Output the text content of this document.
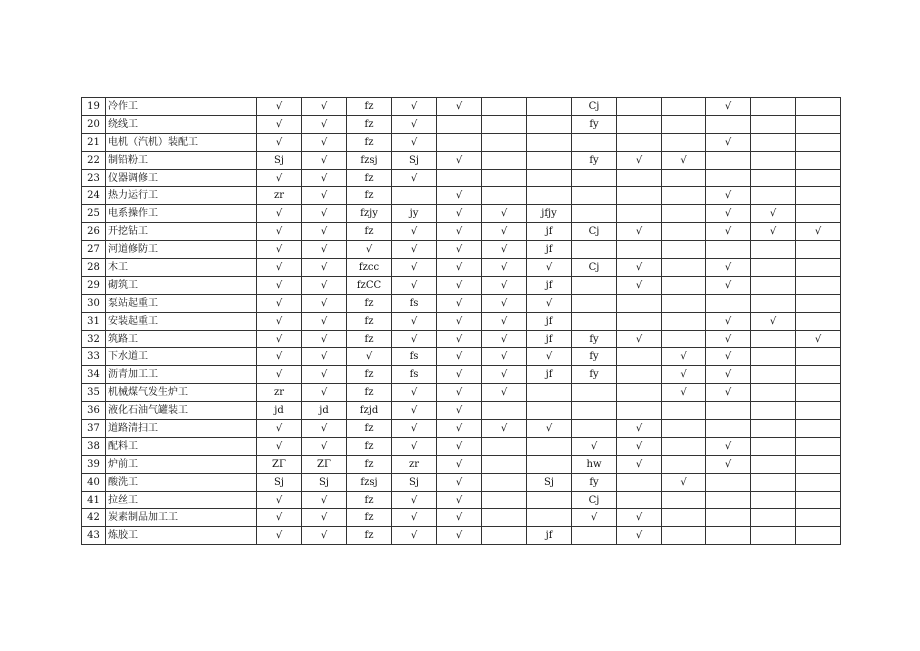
19	冷作工	√	√	fz	√	√			Cj			√		
20	绕线工	√	√	fz	√				fy					
21	电机（汽机）装配工	√	√	fz	√							√		
22	制铅粉工	Sj	√	fzsj	Sj	√			fy	√	√			
23	仪器调修工	√	√	fz	√									
24	热力运行工	zr	√	fz		√						√		
25	电系操作工	√	√	fzjy	jy	√	√	jfjy				√	√	
26	开挖钻工	√	√	fz	√	√	√	jf	Cj	√		√	√	√
27	河道修防工	√	√	√	√	√	√	jf						
28	木工	√	√	fzcc	√	√	√	√	Cj	√		√		
29	砌筑工	√	√	fzCC	√	√	√	jf		√		√		
30	泵站起重工	√	√	fz	fs	√	√	√						
31	安装起重工	√	√	fz	√	√	√	jf				√	√	
32	筑路工	√	√	fz	√	√	√	jf	fy	√		√		√
33	下水道工	√	√	√	fs	√	√	√	fy		√	√		
34	沥青加工工	√	√	fz	fs	√	√	jf	fy		√	√		
35	机械煤气发生炉工	zr	√	fz	√	√	√				√	√		
36	液化石油气罐装工	jd	jd	fzjd	√	√								
37	道路清扫工	√	√	fz	√	√	√	√		√				
38	配料工	√	√	fz	√	√			√	√		√		
39	炉前工	ZΓ	ZΓ	fz	zr	√			hw	√		√		
40	酸洗工	Sj	Sj	fzsj	Sj	√		Sj	fy		√			
41	拉丝工	√	√	fz	√	√			Cj					
42	炭素制品加工工	√	√	fz	√	√			√	√				
43	炼胶工	√	√	fz	√	√		jf		√				
